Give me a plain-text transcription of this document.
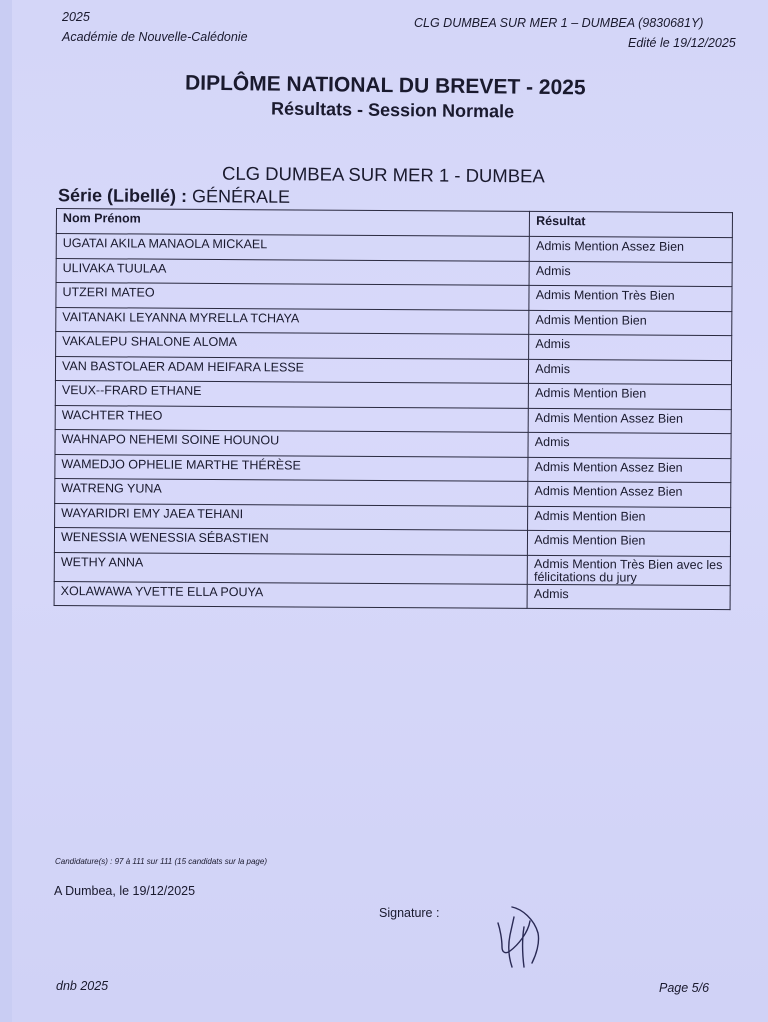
2025
Académie de Nouvelle-Calédonie
CLG DUMBEA SUR MER 1 – DUMBEA (9830681Y)
Edité le 19/12/2025
DIPLÔME NATIONAL DU BREVET - 2025
Résultats - Session Normale
CLG DUMBEA SUR MER 1 - DUMBEA
Série (Libellé) : GÉNÉRALE
Nom Prénom	Résultat
UGATAI AKILA MANAOLA MICKAEL	Admis Mention Assez Bien
ULIVAKA TUULAA	Admis
UTZERI MATEO	Admis Mention Très Bien
VAITANAKI LEYANNA MYRELLA TCHAYA	Admis Mention Bien
VAKALEPU SHALONE ALOMA	Admis
VAN BASTOLAER ADAM HEIFARA LESSE	Admis
VEUX--FRARD ETHANE	Admis Mention Bien
WACHTER THEO	Admis Mention Assez Bien
WAHNAPO NEHEMI SOINE HOUNOU	Admis
WAMEDJO OPHELIE MARTHE THÉRÈSE	Admis Mention Assez Bien
WATRENG YUNA	Admis Mention Assez Bien
WAYARIDRI EMY JAEA TEHANI	Admis Mention Bien
WENESSIA WENESSIA SÉBASTIEN	Admis Mention Bien
WETHY ANNA	Admis Mention Très Bien avec les félicitations du jury
XOLAWAWA YVETTE ELLA POUYA	Admis
Candidature(s) : 97 à 111 sur 111 (15 candidats sur la page)
A Dumbea, le 19/12/2025
Signature :
dnb 2025	Page 5/6
